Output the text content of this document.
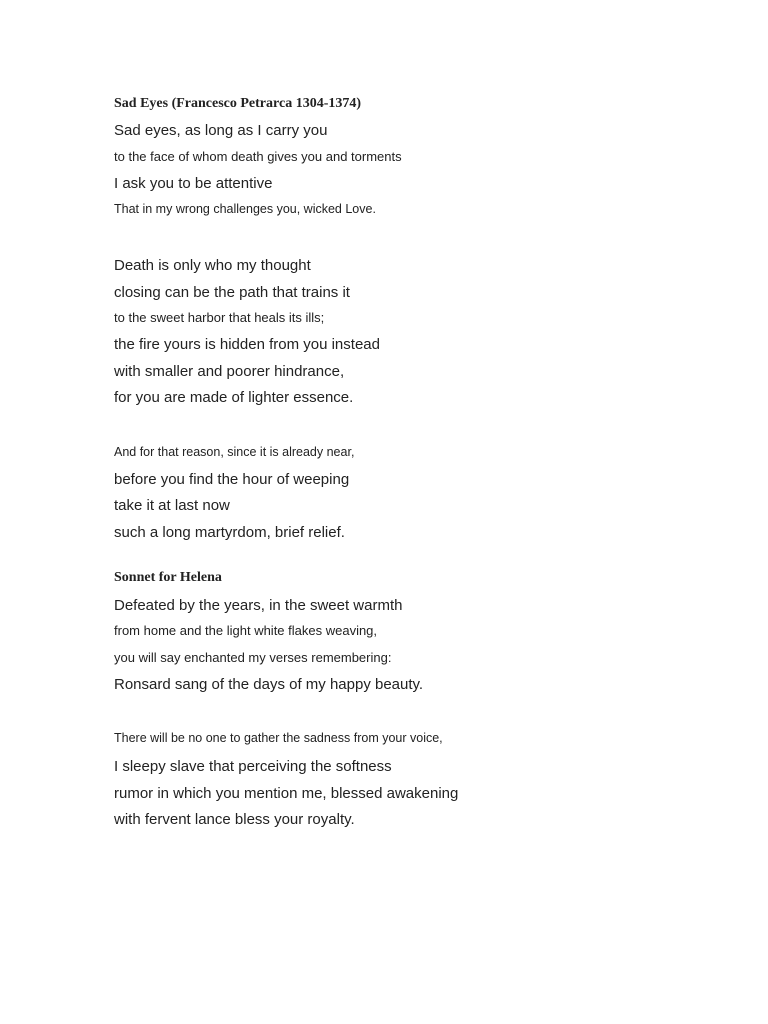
Sad Eyes (Francesco Petrarca 1304-1374)
Sad eyes, as long as I carry you
to the face of whom death gives you and torments
I ask you to be attentive
That in my wrong challenges you, wicked Love.
Death is only who my thought
closing can be the path that trains it
to the sweet harbor that heals its ills;
the fire yours is hidden from you instead
with smaller and poorer hindrance,
for you are made of lighter essence.
And for that reason, since it is already near,
before you find the hour of weeping
take it at last now
such a long martyrdom, brief relief.
Sonnet for Helena
Defeated by the years, in the sweet warmth
from home and the light white flakes weaving,
you will say enchanted my verses remembering:
Ronsard sang of the days of my happy beauty.
There will be no one to gather the sadness from your voice,
I sleepy slave that perceiving the softness
rumor in which you mention me, blessed awakening
with fervent lance bless your royalty.
